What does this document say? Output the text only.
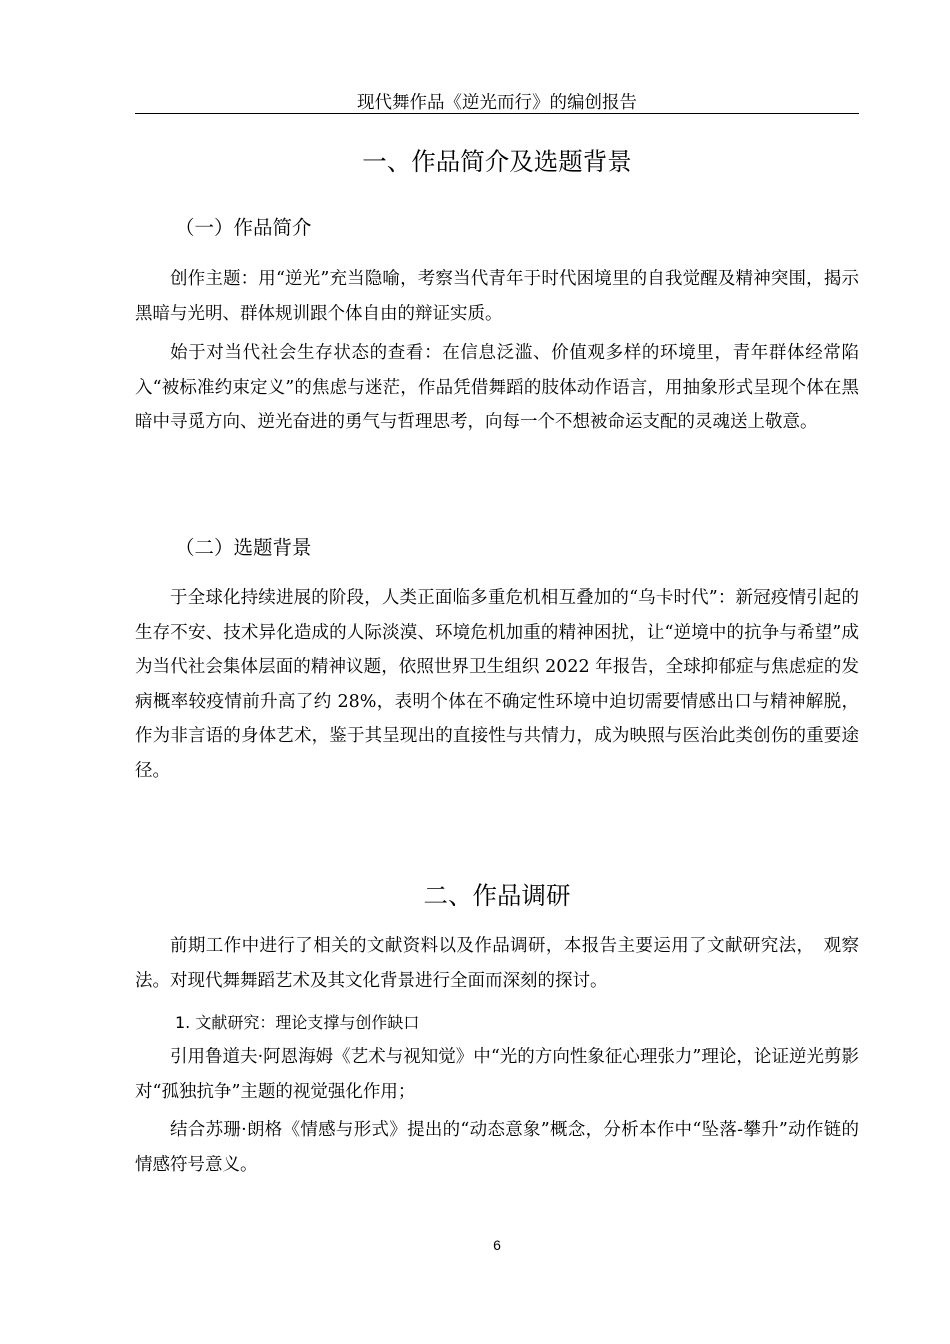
现代舞作品《逆光而行》的编创报告
一、作品简介及选题背景
（一）作品简介

创作主题：用“逆光”充当隐喻，考察当代青年于时代困境里的自我觉醒及精神突围，揭示黑暗与光明、群体规训跟个体自由的辩证实质。

始于对当代社会生存状态的查看：在信息泛滥、价值观多样的环境里，青年群体经常陷入“被标准约束定义”的焦虑与迷茫，作品凭借舞蹈的肢体动作语言，用抽象形式呈现个体在黑暗中寻觅方向、逆光奋进的勇气与哲理思考，向每一个不想被命运支配的灵魂送上敬意。

（二）选题背景

于全球化持续进展的阶段，人类正面临多重危机相互叠加的“乌卡时代”：新冠疫情引起的生存不安、技术异化造成的人际淡漠、环境危机加重的精神困扰，让“逆境中的抗争与希望”成为当代社会集体层面的精神议题，依照世界卫生组织 2022 年报告，全球抑郁症与焦虑症的发病概率较疫情前升高了约 28%，表明个体在不确定性环境中迫切需要情感出口与精神解脱，作为非言语的身体艺术，鉴于其呈现出的直接性与共情力，成为映照与医治此类创伤的重要途径。

二、作品调研

前期工作中进行了相关的文献资料以及作品调研，本报告主要运用了文献研究法，　观察法。对现代舞舞蹈艺术及其文化背景进行全面而深刻的探讨。

1. 文献研究：理论支撑与创作缺口

引用鲁道夫·阿恩海姆《艺术与视知觉》中“光的方向性象征心理张力”理论，论证逆光剪影对“孤独抗争”主题的视觉强化作用；

结合苏珊·朗格《情感与形式》提出的“动态意象”概念，分析本作中“坠落-攀升”动作链的情感符号意义。

6
